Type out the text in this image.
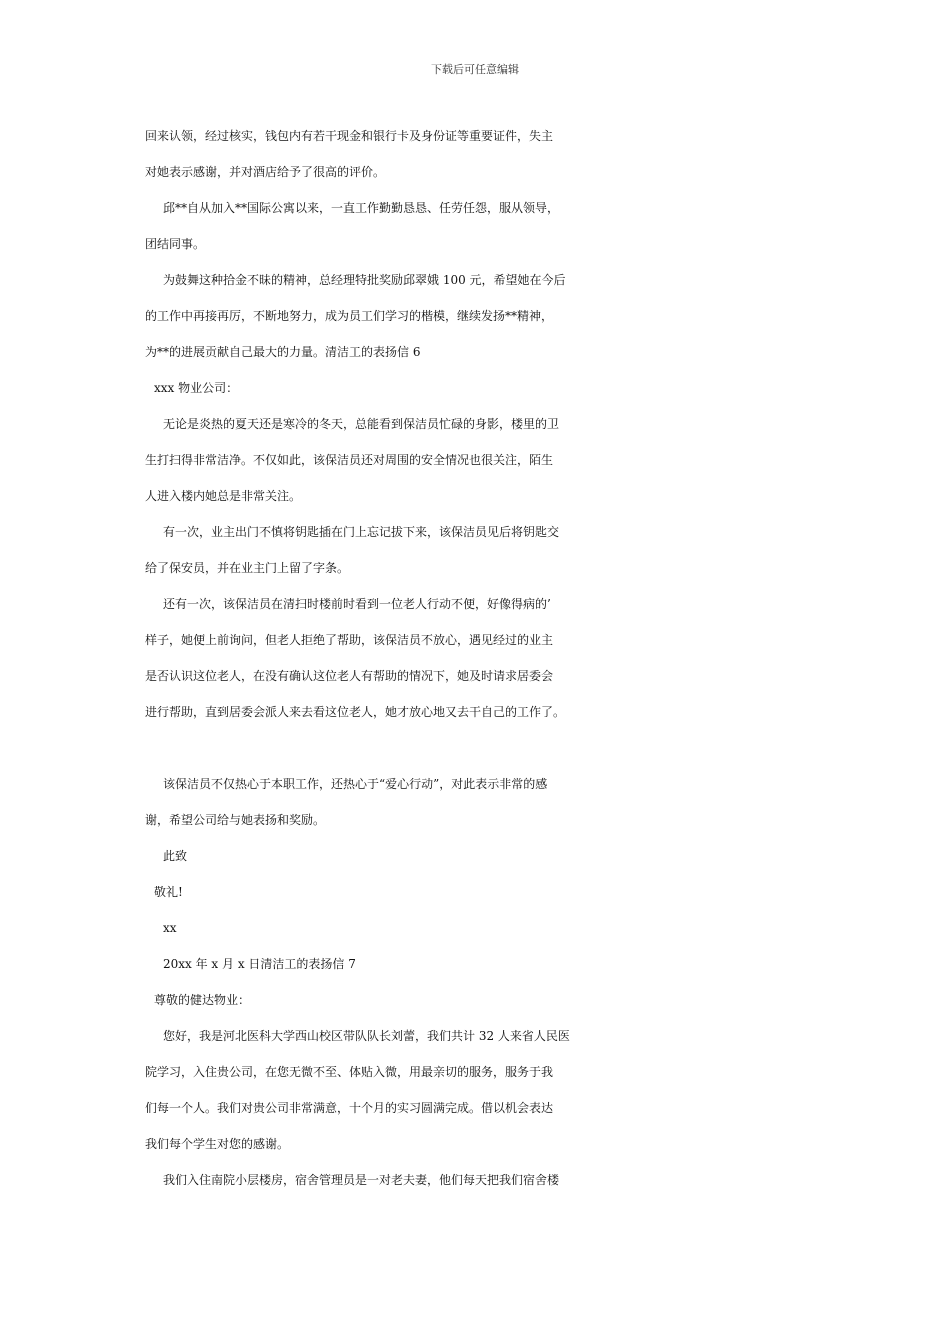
下载后可任意编辑
回来认领，经过核实，钱包内有若干现金和银行卡及身份证等重要证件，失主
对她表示感谢，并对酒店给予了很高的评价。
邱**自从加入**国际公寓以来，一直工作勤勤恳恳、任劳任怨，服从领导，
团结同事。
为鼓舞这种拾金不昧的精神，总经理特批奖励邱翠娥 100 元，希望她在今后
的工作中再接再厉，不断地努力，成为员工们学习的楷模，继续发扬**精神，
为**的进展贡献自己最大的力量。清洁工的表扬信 6
xxx 物业公司：
无论是炎热的夏天还是寒冷的冬天，总能看到保洁员忙碌的身影，楼里的卫
生打扫得非常洁净。不仅如此，该保洁员还对周围的安全情况也很关注，陌生
人进入楼内她总是非常关注。
有一次，业主出门不慎将钥匙插在门上忘记拔下来，该保洁员见后将钥匙交
给了保安员，并在业主门上留了字条。
还有一次，该保洁员在清扫时楼前时看到一位老人行动不便，好像得病的’
样子，她便上前询问，但老人拒绝了帮助，该保洁员不放心，遇见经过的业主
是否认识这位老人，在没有确认这位老人有帮助的情况下，她及时请求居委会
进行帮助，直到居委会派人来去看这位老人，她才放心地又去干自己的工作了。
该保洁员不仅热心于本职工作，还热心于“爱心行动”，对此表示非常的感
谢，希望公司给与她表扬和奖励。
此致
敬礼!
xx
20xx 年 x 月 x 日清洁工的表扬信 7
尊敬的健达物业：
您好，我是河北医科大学西山校区带队队长刘蕾，我们共计 32 人来省人民医
院学习，入住贵公司，在您无微不至、体贴入微，用最亲切的服务，服务于我
们每一个人。我们对贵公司非常满意，十个月的实习圆满完成。借以机会表达
我们每个学生对您的感谢。
我们入住南院小层楼房，宿舍管理员是一对老夫妻，他们每天把我们宿舍楼
